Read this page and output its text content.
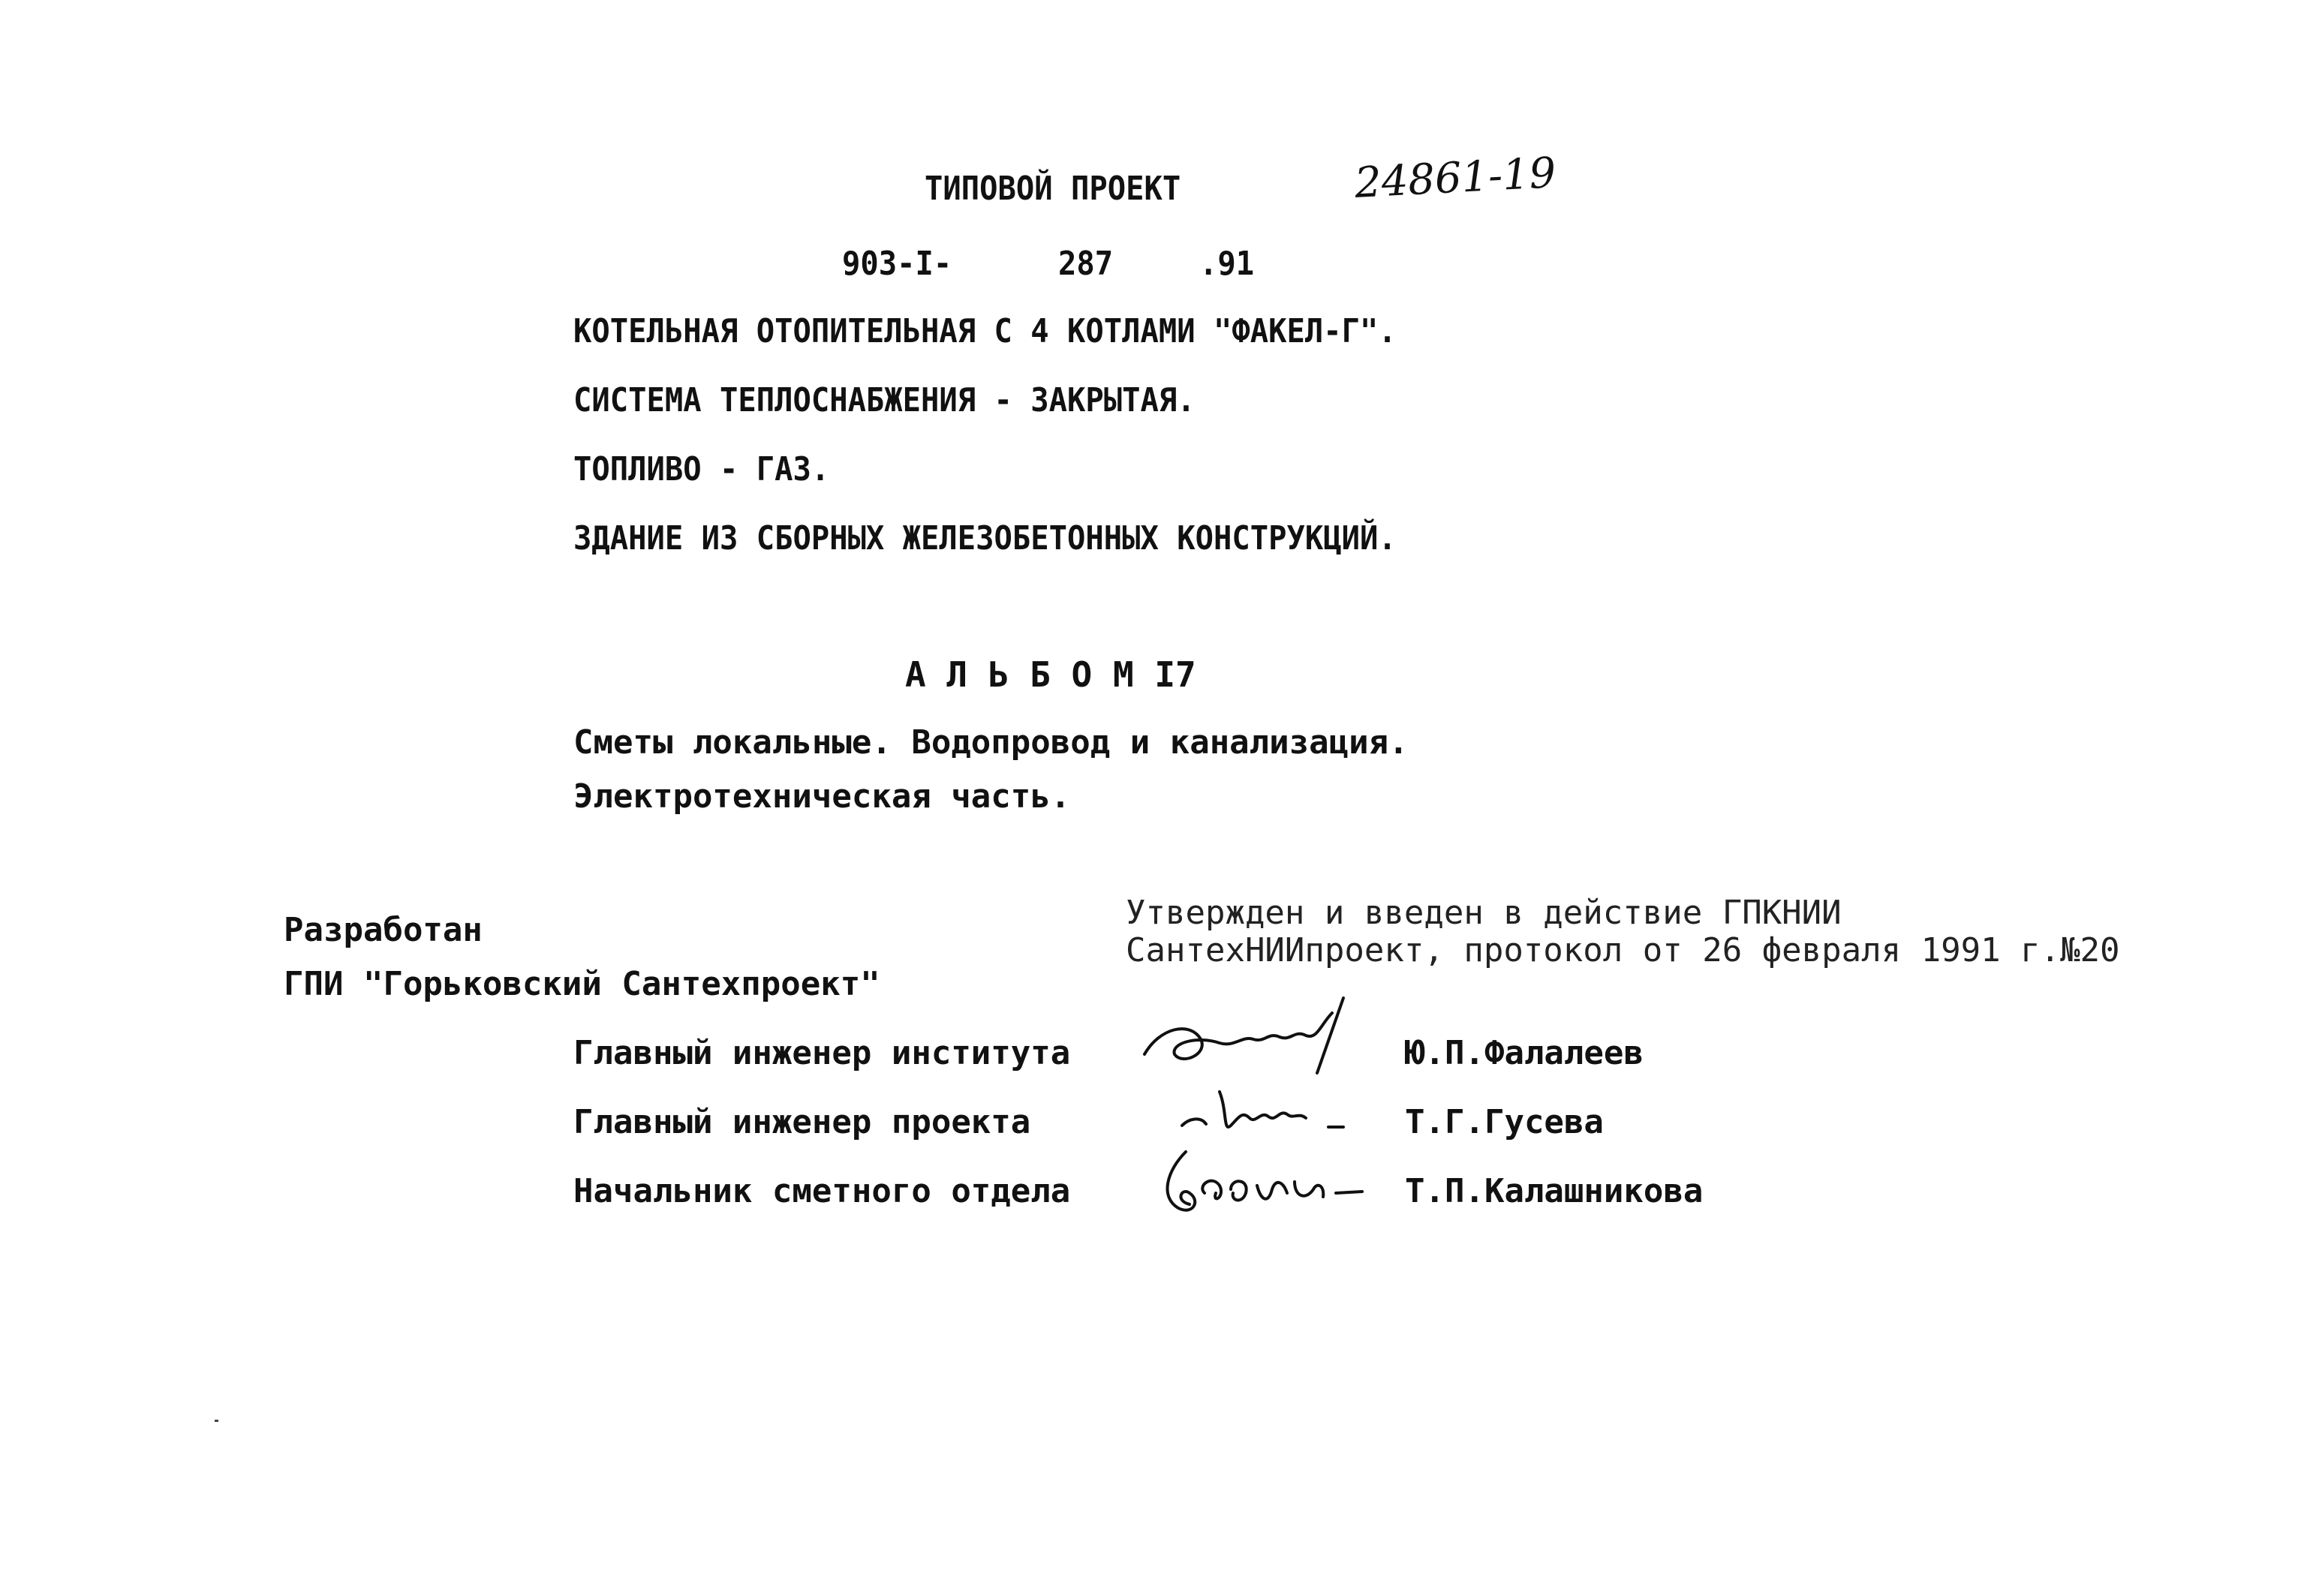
ТИПОВОЙ ПРОЕКТ	24861-19
903-I-	287	.91
КОТЕЛЬНАЯ ОТОПИТЕЛЬНАЯ С 4 КОТЛАМИ "ФАКЕЛ-Г".
СИСТЕМА ТЕПЛОСНАБЖЕНИЯ - ЗАКРЫТАЯ.
ТОПЛИВО - ГАЗ.
ЗДАНИЕ ИЗ СБОРНЫХ ЖЕЛЕЗОБЕТОННЫХ КОНСТРУКЦИЙ.
А Л Ь Б О М I7
Сметы локальные. Водопровод и канализация.
Электротехническая часть.
Разработан
ГПИ "Горьковский Сантехпроект"
Утвержден и введен в действие ГПКНИИ
СантехНИИпроект, протокол от 26 февраля 1991 г.№20
Главный инженер института	Ю.П.Фалалеев
Главный инженер проекта	Т.Г.Гусева
Начальник сметного отдела	Т.П.Калашникова
